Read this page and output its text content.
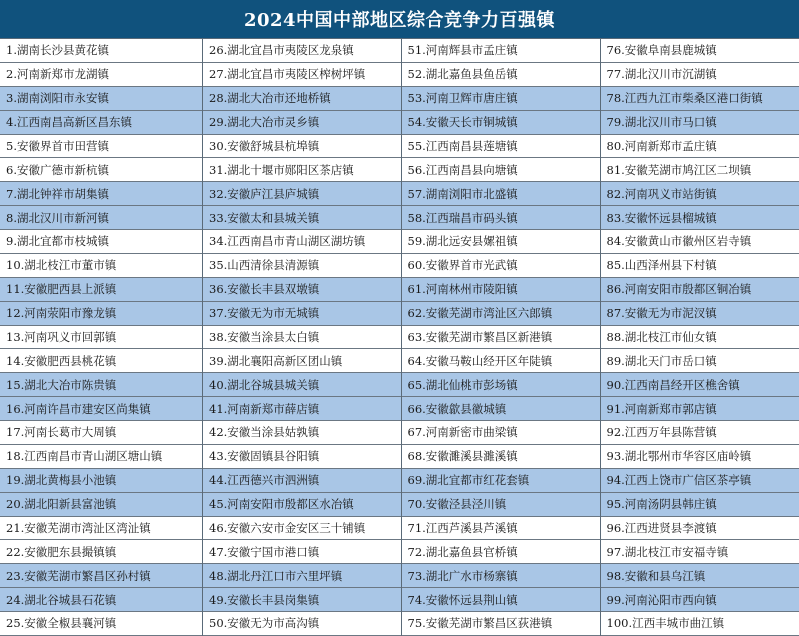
2024中国中部地区综合竞争力百强镇
1.湖南长沙县黄花镇
2.河南新郑市龙湖镇
3.湖南浏阳市永安镇
4.江西南昌高新区昌东镇
5.安徽界首市田营镇
6.安徽广德市新杭镇
7.湖北钟祥市胡集镇
8.湖北汉川市新河镇
9.湖北宜都市枝城镇
10.湖北枝江市董市镇
11.安徽肥西县上派镇
12.河南荥阳市豫龙镇
13.河南巩义市回郭镇
14.安徽肥西县桃花镇
15.湖北大冶市陈贵镇
16.河南许昌市建安区尚集镇
17.河南长葛市大周镇
18.江西南昌市青山湖区塘山镇
19.湖北黄梅县小池镇
20.湖北阳新县富池镇
21.安徽芜湖市湾沚区湾沚镇
22.安徽肥东县撮镇镇
23.安徽芜湖市繁昌区孙村镇
24.湖北谷城县石花镇
25.安徽全椒县襄河镇
26.湖北宜昌市夷陵区龙泉镇
27.湖北宜昌市夷陵区榨树坪镇
28.湖北大冶市还地桥镇
29.湖北大冶市灵乡镇
30.安徽舒城县杭埠镇
31.湖北十堰市郧阳区茶店镇
32.安徽庐江县庐城镇
33.安徽太和县城关镇
34.江西南昌市青山湖区湖坊镇
35.山西清徐县清源镇
36.安徽长丰县双墩镇
37.安徽无为市无城镇
38.安徽当涂县太白镇
39.湖北襄阳高新区团山镇
40.湖北谷城县城关镇
41.河南新郑市薛店镇
42.安徽当涂县姑孰镇
43.安徽固镇县谷阳镇
44.江西德兴市泗洲镇
45.河南安阳市殷都区水冶镇
46.安徽六安市金安区三十铺镇
47.安徽宁国市港口镇
48.湖北丹江口市六里坪镇
49.安徽长丰县岗集镇
50.安徽无为市高沟镇
51.河南辉县市孟庄镇
52.湖北嘉鱼县鱼岳镇
53.河南卫辉市唐庄镇
54.安徽天长市铜城镇
55.江西南昌县莲塘镇
56.江西南昌县向塘镇
57.湖南浏阳市北盛镇
58.江西瑞昌市码头镇
59.湖北远安县嫘祖镇
60.安徽界首市光武镇
61.河南林州市陵阳镇
62.安徽芜湖市湾沚区六郎镇
63.安徽芜湖市繁昌区新港镇
64.安徽马鞍山经开区年陡镇
65.湖北仙桃市彭场镇
66.安徽歙县徽城镇
67.河南新密市曲梁镇
68.安徽濉溪县濉溪镇
69.湖北宜都市红花套镇
70.安徽泾县泾川镇
71.江西芦溪县芦溪镇
72.湖北嘉鱼县官桥镇
73.湖北广水市杨寨镇
74.安徽怀远县荆山镇
75.安徽芜湖市繁昌区荻港镇
76.安徽阜南县鹿城镇
77.湖北汉川市沉湖镇
78.江西九江市柴桑区港口街镇
79.湖北汉川市马口镇
80.河南新郑市孟庄镇
81.安徽芜湖市鸠江区二坝镇
82.河南巩义市站街镇
83.安徽怀远县榴城镇
84.安徽黄山市徽州区岩寺镇
85.山西泽州县下村镇
86.河南安阳市殷都区铜冶镇
87.安徽无为市泥汊镇
88.湖北枝江市仙女镇
89.湖北天门市岳口镇
90.江西南昌经开区樵舍镇
91.河南新郑市郭店镇
92.江西万年县陈营镇
93.湖北鄂州市华容区庙岭镇
94.江西上饶市广信区茶亭镇
95.河南汤阴县韩庄镇
96.江西进贤县李渡镇
97.湖北枝江市安福寺镇
98.安徽和县乌江镇
99.河南沁阳市西向镇
100.江西丰城市曲江镇
